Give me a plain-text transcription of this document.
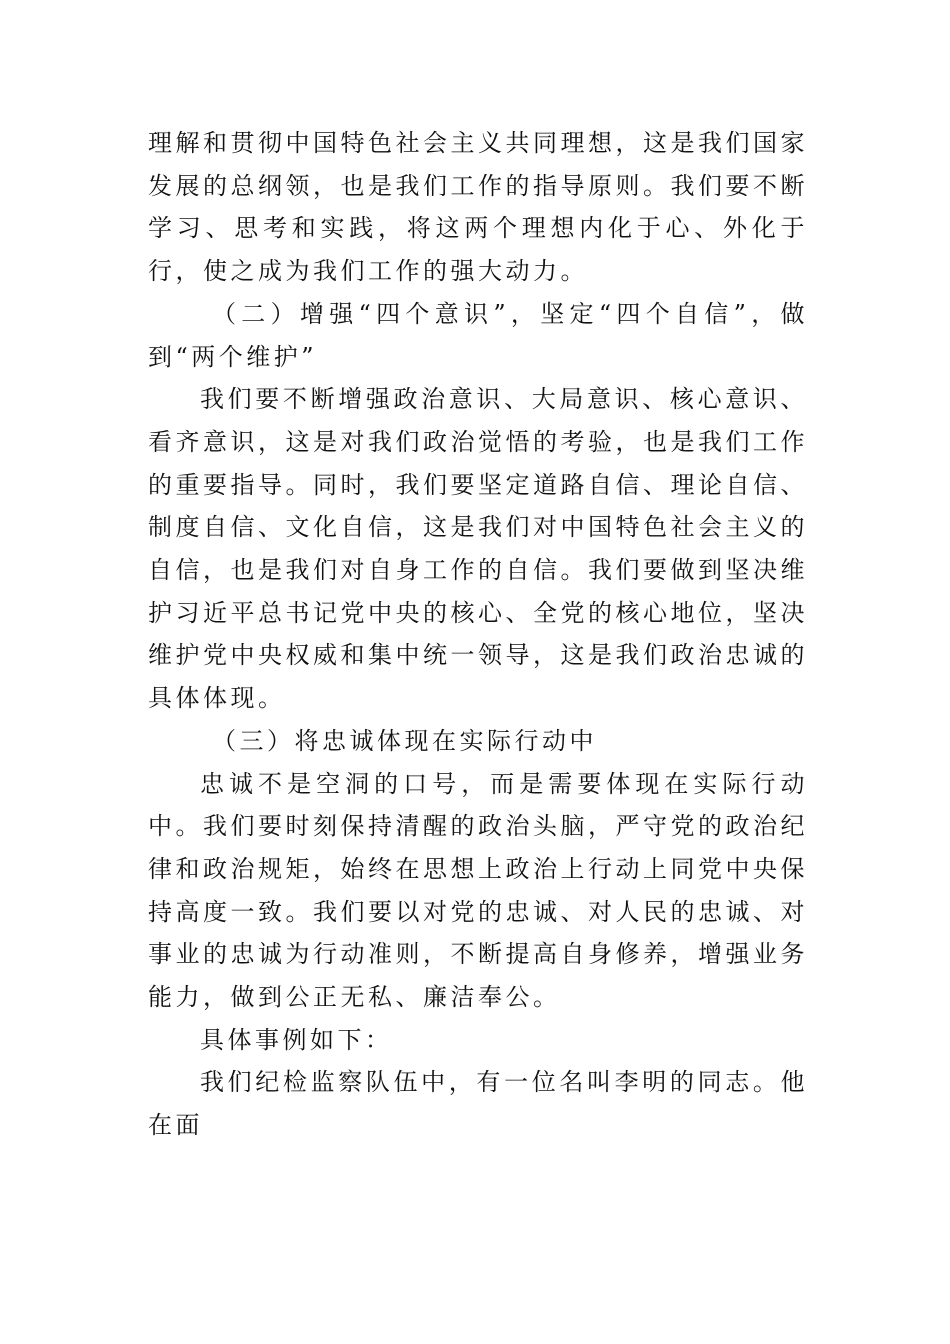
理解和贯彻中国特色社会主义共同理想，这是我们国家发展的总纲领，也是我们工作的指导原则。我们要不断学习、思考和实践，将这两个理想内化于心、外化于行，使之成为我们工作的强大动力。

（二）增强“四个意识”，坚定“四个自信”，做到“两个维护”

我们要不断增强政治意识、大局意识、核心意识、看齐意识，这是对我们政治觉悟的考验，也是我们工作的重要指导。同时，我们要坚定道路自信、理论自信、制度自信、文化自信，这是我们对中国特色社会主义的自信，也是我们对自身工作的自信。我们要做到坚决维护习近平总书记党中央的核心、全党的核心地位，坚决维护党中央权威和集中统一领导，这是我们政治忠诚的具体体现。

（三）将忠诚体现在实际行动中

忠诚不是空洞的口号，而是需要体现在实际行动中。我们要时刻保持清醒的政治头脑，严守党的政治纪律和政治规矩，始终在思想上政治上行动上同党中央保持高度一致。我们要以对党的忠诚、对人民的忠诚、对事业的忠诚为行动准则，不断提高自身修养，增强业务能力，做到公正无私、廉洁奉公。

具体事例如下：

我们纪检监察队伍中，有一位名叫李明的同志。他在面
